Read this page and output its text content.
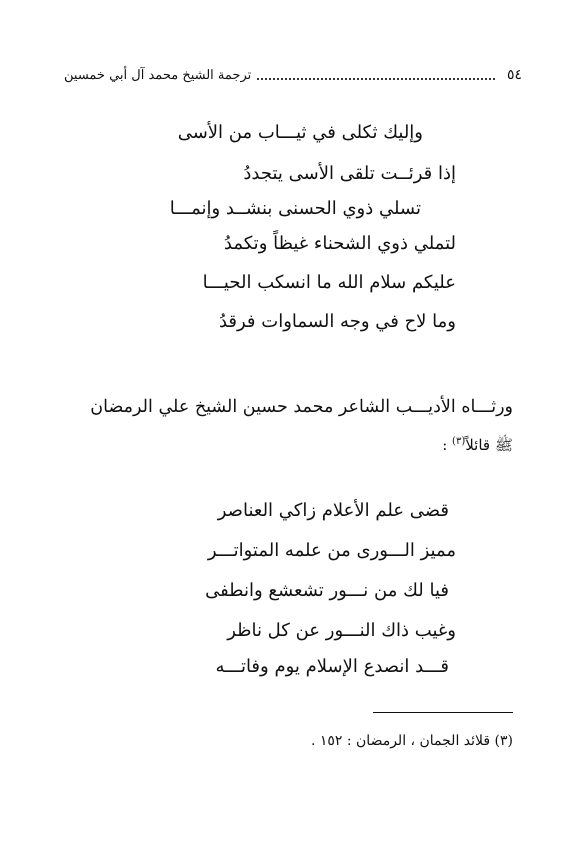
٥٤
ترجمة الشيخ محمد آل أبي خمسين
وإليك ثكلى في ثيـــاب من الأسى
إذا قرئــت تلقى الأسى يتجددُ
تسلي ذوي الحسنى بنشــد وإنمـــا
لتملي ذوي الشحناء غيظاً وتكمدُ
عليكم سلام الله ما انسكب الحيـــا
وما لاح في وجه السماوات فرقدُ
ورثـــاه الأديـــب الشاعر محمد حسين الشيخ علي الرمضان
ﷺ قائلاً$^{(٣)}$ :
قضى علم الأعلام زاكي العناصر
مميز الـــورى من علمه المتواتـــر
فيا لك من نـــور تشعشع وانطفى
وغيب ذاك النـــور عن كل ناظر
قـــد انصدع الإسلام يوم وفاتـــه
(٣) قلائد الجمان ، الرمضان : ١٥٢ .
